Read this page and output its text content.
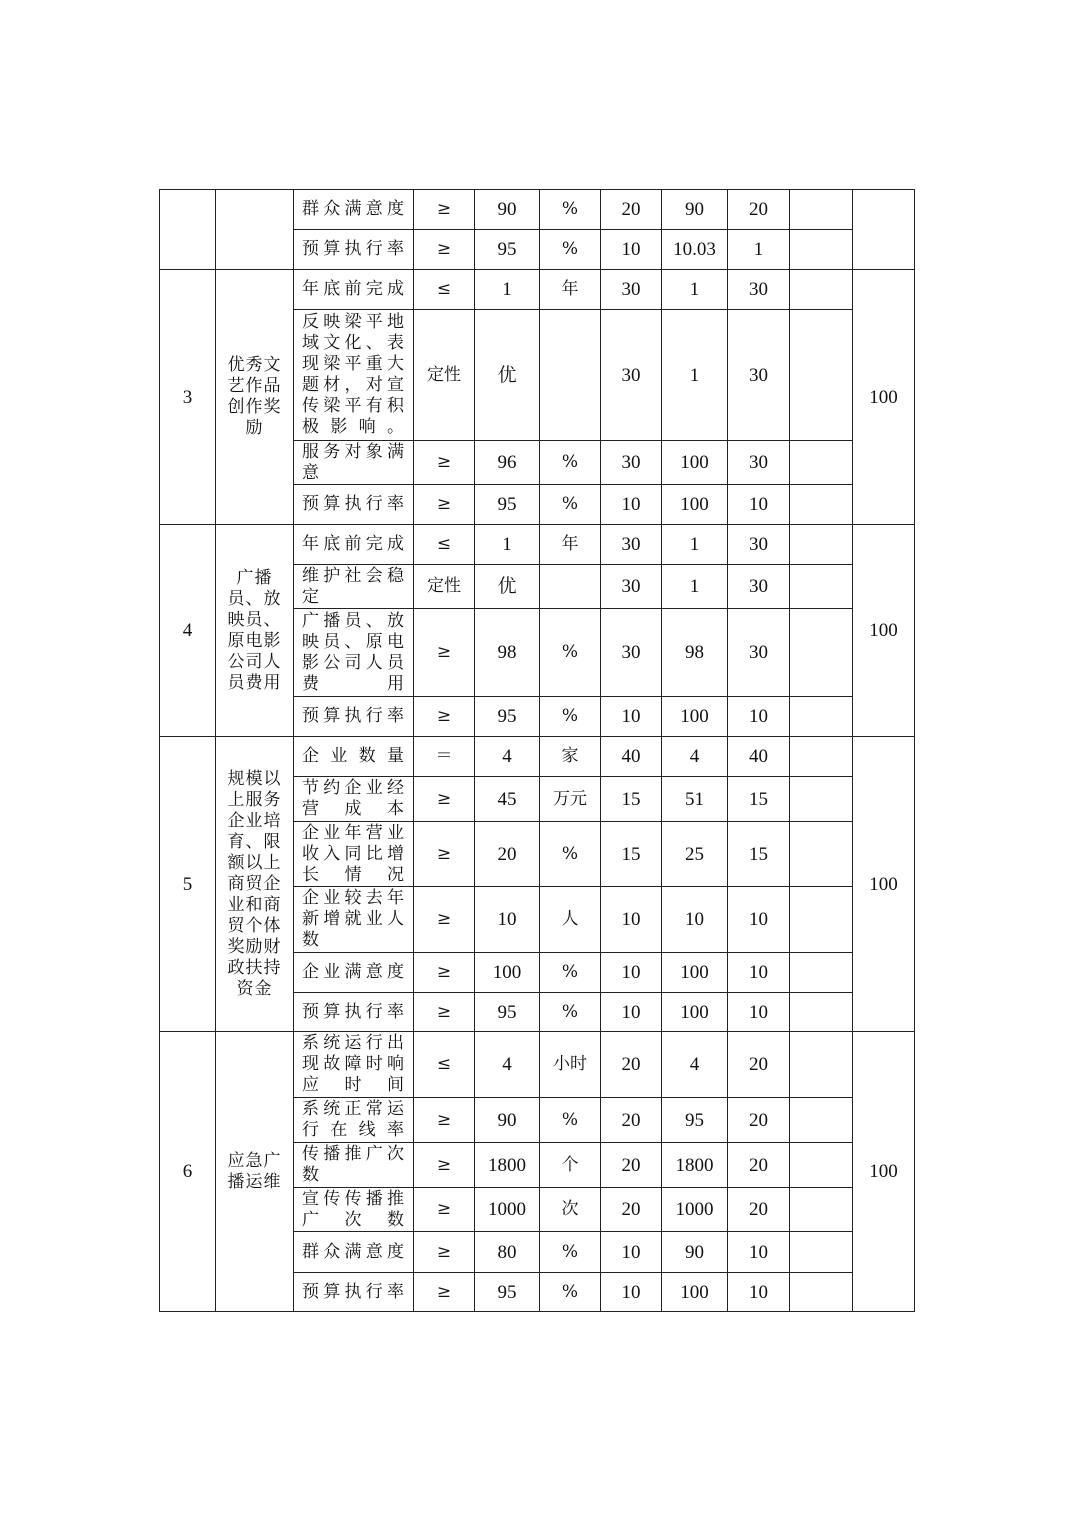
		群众满意度	≥	90	%	20	90	20		
		预算执行率	≥	95	%	10	10.03	1		
3	优秀文艺作品创作奖励	年底前完成	≤	1	年	30	1	30		100
		反映梁平地域文化、表现梁平重大题材，对宣传梁平有积极影响。	定性	优		30	1	30		
		服务对象满意	≥	96	%	30	100	30		
		预算执行率	≥	95	%	10	100	10		
4	广播员、放映员、原电影公司人员费用	年底前完成	≤	1	年	30	1	30		100
		维护社会稳定	定性	优		30	1	30		
		广播员、放映员、原电影公司人员费用	≥	98	%	30	98	30		
		预算执行率	≥	95	%	10	100	10		
5	规模以上服务企业培育、限额以上商贸企业和商贸个体奖励财政扶持资金	企业数量	＝	4	家	40	4	40		100
		节约企业经营成本	≥	45	万元	15	51	15		
		企业年营业收入同比增长情况	≥	20	%	15	25	15		
		企业较去年新增就业人数	≥	10	人	10	10	10		
		企业满意度	≥	100	%	10	100	10		
		预算执行率	≥	95	%	10	100	10		
6	应急广播运维	系统运行出现故障时响应时间	≤	4	小时	20	4	20		100
		系统正常运行在线率	≥	90	%	20	95	20		
		传播推广次数	≥	1800	个	20	1800	20		
		宣传传播推广次数	≥	1000	次	20	1000	20		
		群众满意度	≥	80	%	10	90	10		
		预算执行率	≥	95	%	10	100	10		
